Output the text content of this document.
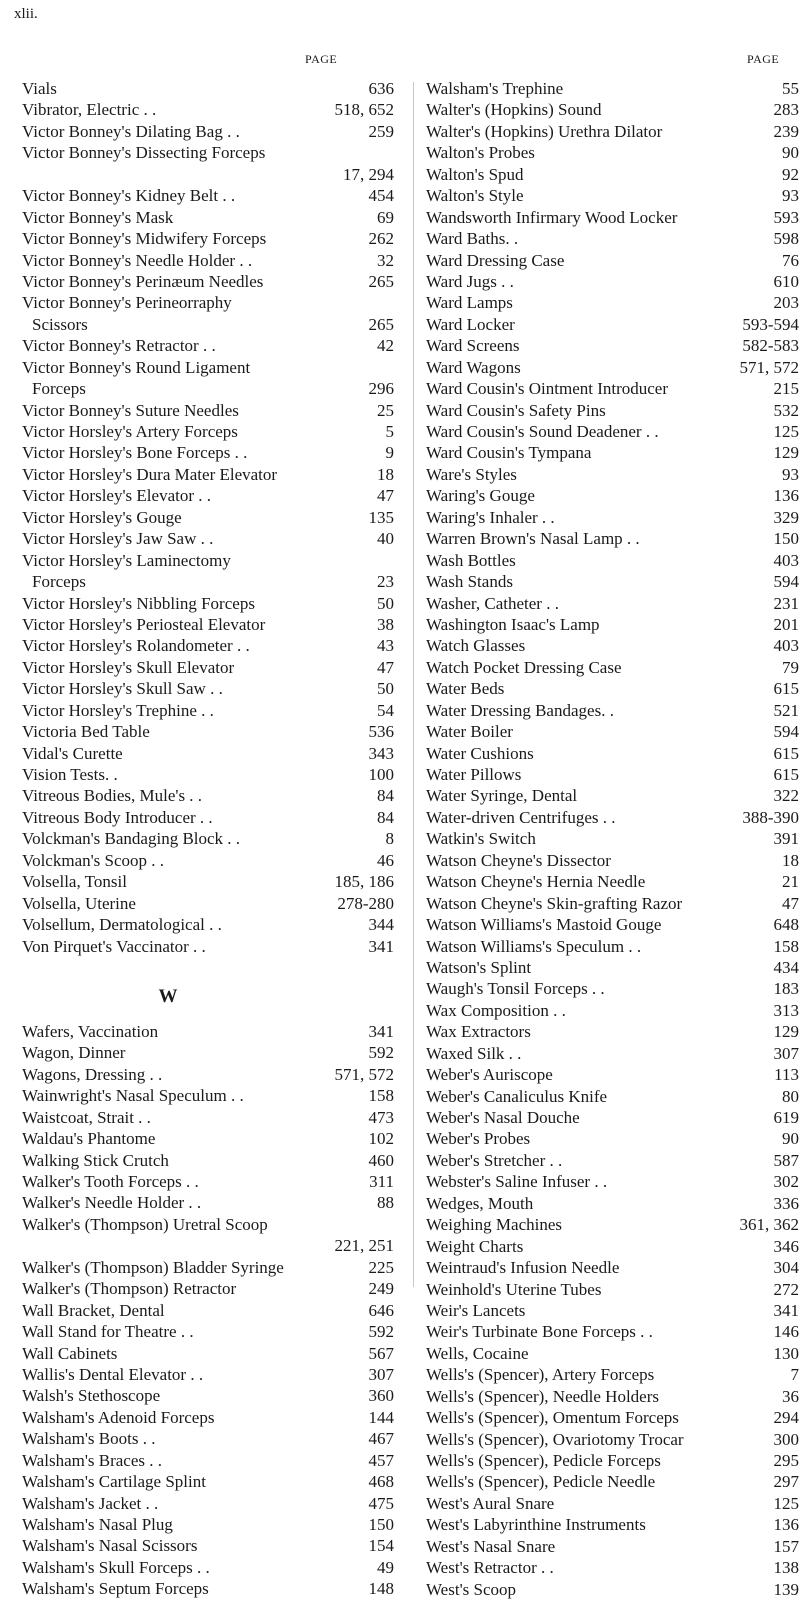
xlii.
PAGE	PAGE
Vials	636
Vibrator, Electric . .	518, 652
Victor Bonney's Dilating Bag . .	259
Victor Bonney's Dissecting Forceps
17, 294
Victor Bonney's Kidney Belt . .	454
Victor Bonney's Mask	69
Victor Bonney's Midwifery Forceps	262
Victor Bonney's Needle Holder . .	32
Victor Bonney's Perinæum Needles	265
Victor Bonney's Perineorraphy
Scissors	265
Victor Bonney's Retractor . .	42
Victor Bonney's Round Ligament
Forceps	296
Victor Bonney's Suture Needles	25
Victor Horsley's Artery Forceps	5
Victor Horsley's Bone Forceps . .	9
Victor Horsley's Dura Mater Elevator	18
Victor Horsley's Elevator . .	47
Victor Horsley's Gouge	135
Victor Horsley's Jaw Saw . .	40
Victor Horsley's Laminectomy
Forceps	23
Victor Horsley's Nibbling Forceps	50
Victor Horsley's Periosteal Elevator	38
Victor Horsley's Rolandometer . .	43
Victor Horsley's Skull Elevator	47
Victor Horsley's Skull Saw . .	50
Victor Horsley's Trephine . .	54
Victoria Bed Table	536
Vidal's Curette	343
Vision Tests. .	100
Vitreous Bodies, Mule's . .	84
Vitreous Body Introducer . .	84
Volckman's Bandaging Block . .	8
Volckman's Scoop . .	46
Volsella, Tonsil	185, 186
Volsella, Uterine	278-280
Volsellum, Dermatological . .	344
Von Pirquet's Vaccinator . .	341
W
Wafers, Vaccination	341
Wagon, Dinner	592
Wagons, Dressing . .	571, 572
Wainwright's Nasal Speculum . .	158
Waistcoat, Strait . .	473
Waldau's Phantome	102
Walking Stick Crutch	460
Walker's Tooth Forceps . .	311
Walker's Needle Holder . .	88
Walker's (Thompson) Uretral Scoop
221, 251
Walker's (Thompson) Bladder Syringe	225
Walker's (Thompson) Retractor	249
Wall Bracket, Dental	646
Wall Stand for Theatre . .	592
Wall Cabinets	567
Wallis's Dental Elevator . .	307
Walsh's Stethoscope	360
Walsham's Adenoid Forceps	144
Walsham's Boots . .	467
Walsham's Braces . .	457
Walsham's Cartilage Splint	468
Walsham's Jacket . .	475
Walsham's Nasal Plug	150
Walsham's Nasal Scissors	154
Walsham's Skull Forceps . .	49
Walsham's Septum Forceps	148
Walsham's Trephine	55
Walter's (Hopkins) Sound	283
Walter's (Hopkins) Urethra Dilator	239
Walton's Probes	90
Walton's Spud	92
Walton's Style	93
Wandsworth Infirmary Wood Locker	593
Ward Baths. .	598
Ward Dressing Case	76
Ward Jugs . .	610
Ward Lamps	203
Ward Locker	593-594
Ward Screens	582-583
Ward Wagons	571, 572
Ward Cousin's Ointment Introducer	215
Ward Cousin's Safety Pins	532
Ward Cousin's Sound Deadener . .	125
Ward Cousin's Tympana	129
Ware's Styles	93
Waring's Gouge	136
Waring's Inhaler . .	329
Warren Brown's Nasal Lamp . .	150
Wash Bottles	403
Wash Stands	594
Washer, Catheter . .	231
Washington Isaac's Lamp	201
Watch Glasses	403
Watch Pocket Dressing Case	79
Water Beds	615
Water Dressing Bandages. .	521
Water Boiler	594
Water Cushions	615
Water Pillows	615
Water Syringe, Dental	322
Water-driven Centrifuges . .	388-390
Watkin's Switch	391
Watson Cheyne's Dissector	18
Watson Cheyne's Hernia Needle	21
Watson Cheyne's Skin-grafting Razor	47
Watson Williams's Mastoid Gouge	648
Watson Williams's Speculum . .	158
Watson's Splint	434
Waugh's Tonsil Forceps . .	183
Wax Composition . .	313
Wax Extractors	129
Waxed Silk . .	307
Weber's Auriscope	113
Weber's Canaliculus Knife	80
Weber's Nasal Douche	619
Weber's Probes	90
Weber's Stretcher . .	587
Webster's Saline Infuser . .	302
Wedges, Mouth	336
Weighing Machines	361, 362
Weight Charts	346
Weintraud's Infusion Needle	304
Weinhold's Uterine Tubes	272
Weir's Lancets	341
Weir's Turbinate Bone Forceps . .	146
Wells, Cocaine	130
Wells's (Spencer), Artery Forceps	7
Wells's (Spencer), Needle Holders	36
Wells's (Spencer), Omentum Forceps	294
Wells's (Spencer), Ovariotomy Trocar	300
Wells's (Spencer), Pedicle Forceps	295
Wells's (Spencer), Pedicle Needle	297
West's Aural Snare	125
West's Labyrinthine Instruments	136
West's Nasal Snare	157
West's Retractor . .	138
West's Scoop	139
